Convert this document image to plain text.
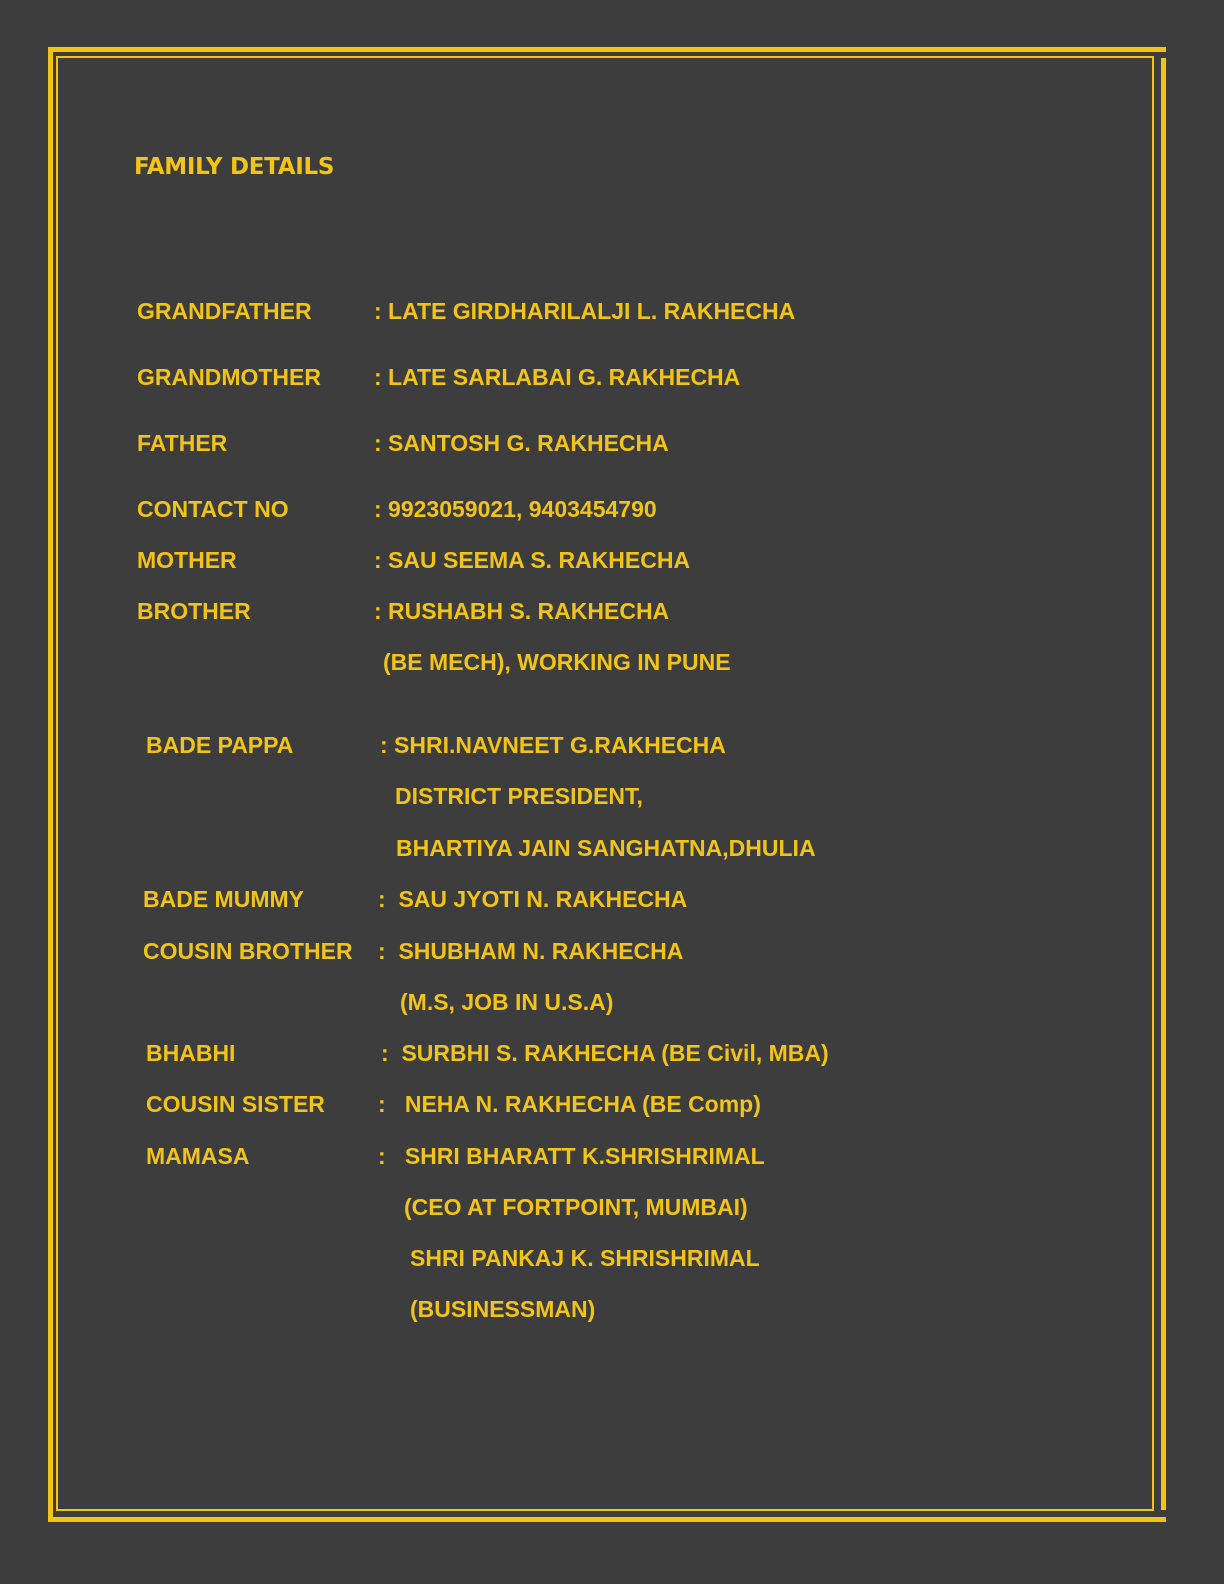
FAMILY DETAILS
GRANDFATHER	: LATE GIRDHARILALJI L. RAKHECHA
GRANDMOTHER : LATE SARLABAI G. RAKHECHA
FATHER	: SANTOSH G. RAKHECHA
CONTACT NO	: 9923059021, 9403454790
MOTHER	: SAU SEEMA S. RAKHECHA
BROTHER	: RUSHABH S. RAKHECHA
(BE MECH), WORKING IN PUNE
BADE PAPPA	: SHRI.NAVNEET G.RAKHECHA
DISTRICT PRESIDENT,
BHARTIYA JAIN SANGHATNA,DHULIA
BADE MUMMY	:  SAU JYOTI N. RAKHECHA
COUSIN BROTHER :  SHUBHAM N. RAKHECHA
(M.S, JOB IN U.S.A)
BHABHI	:  SURBHI S. RAKHECHA (BE Civil, MBA)
COUSIN SISTER :   NEHA N. RAKHECHA (BE Comp)
MAMASA	:   SHRI BHARATT K.SHRISHRIMAL
(CEO AT FORTPOINT, MUMBAI)
SHRI PANKAJ K. SHRISHRIMAL
(BUSINESSMAN)
